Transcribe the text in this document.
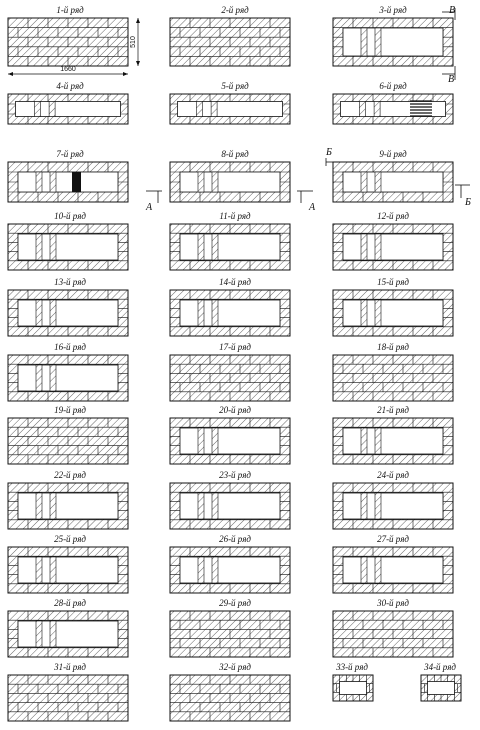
1-й ряд	2-й ряд	3-й ряд
4-й ряд	5-й ряд	6-й ряд
7-й ряд	8-й ряд	9-й ряд
10-й ряд	11-й ряд	12-й ряд
13-й ряд	14-й ряд	15-й ряд
16-й ряд	17-й ряд	18-й ряд
19-й ряд	20-й ряд	21-й ряд
22-й ряд	23-й ряд	24-й ряд
25-й ряд	26-й ряд	27-й ряд
28-й ряд	29-й ряд	30-й ряд
31-й ряд	32-й ряд	33-й ряд	34-й ряд
1660
510
В
В
А	А
Б
Б
